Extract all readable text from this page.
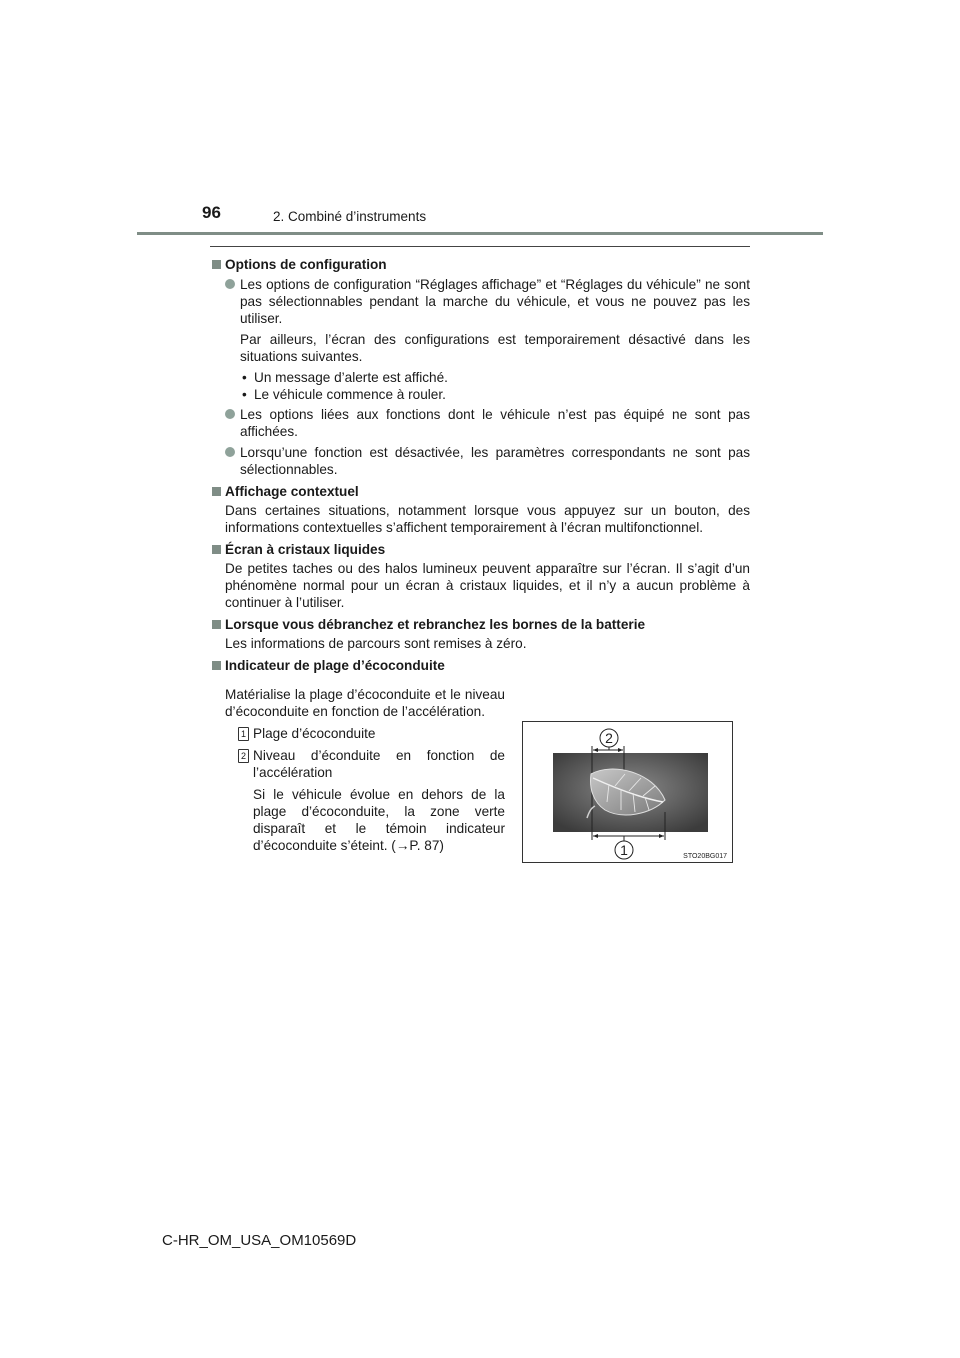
96	2. Combiné d’instruments
Options de configuration
Les options de configuration “Réglages affichage” et “Réglages du véhicule” ne sont pas sélectionnables pendant la marche du véhicule, et vous ne pouvez pas les utiliser.
Par ailleurs, l’écran des configurations est temporairement désactivé dans les situations suivantes.
• Un message d’alerte est affiché.
• Le véhicule commence à rouler.
Les options liées aux fonctions dont le véhicule n’est pas équipé ne sont pas affichées.
Lorsqu’une fonction est désactivée, les paramètres correspondants ne sont pas sélectionnables.
Affichage contextuel
Dans certaines situations, notamment lorsque vous appuyez sur un bouton, des informations contextuelles s’affichent temporairement à l’écran multifonctionnel.
Écran à cristaux liquides
De petites taches ou des halos lumineux peuvent apparaître sur l’écran. Il s’agit d’un phénomène normal pour un écran à cristaux liquides, et il n’y a aucun problème à continuer à l’utiliser.
Lorsque vous débranchez et rebranchez les bornes de la batterie
Les informations de parcours sont remises à zéro.
Indicateur de plage d’écoconduite
Matérialise la plage d’écoconduite et le niveau d’écoconduite en fonction de l’accélération.
1 Plage d’écoconduite
2 Niveau d’éconduite en fonction de l’accélération
Si le véhicule évolue en dehors de la plage d’écoconduite, la zone verte disparaît et le témoin indicateur d’écoconduite s’éteint. (→P. 87)
2
1	STO20BG017
C-HR_OM_USA_OM10569D
